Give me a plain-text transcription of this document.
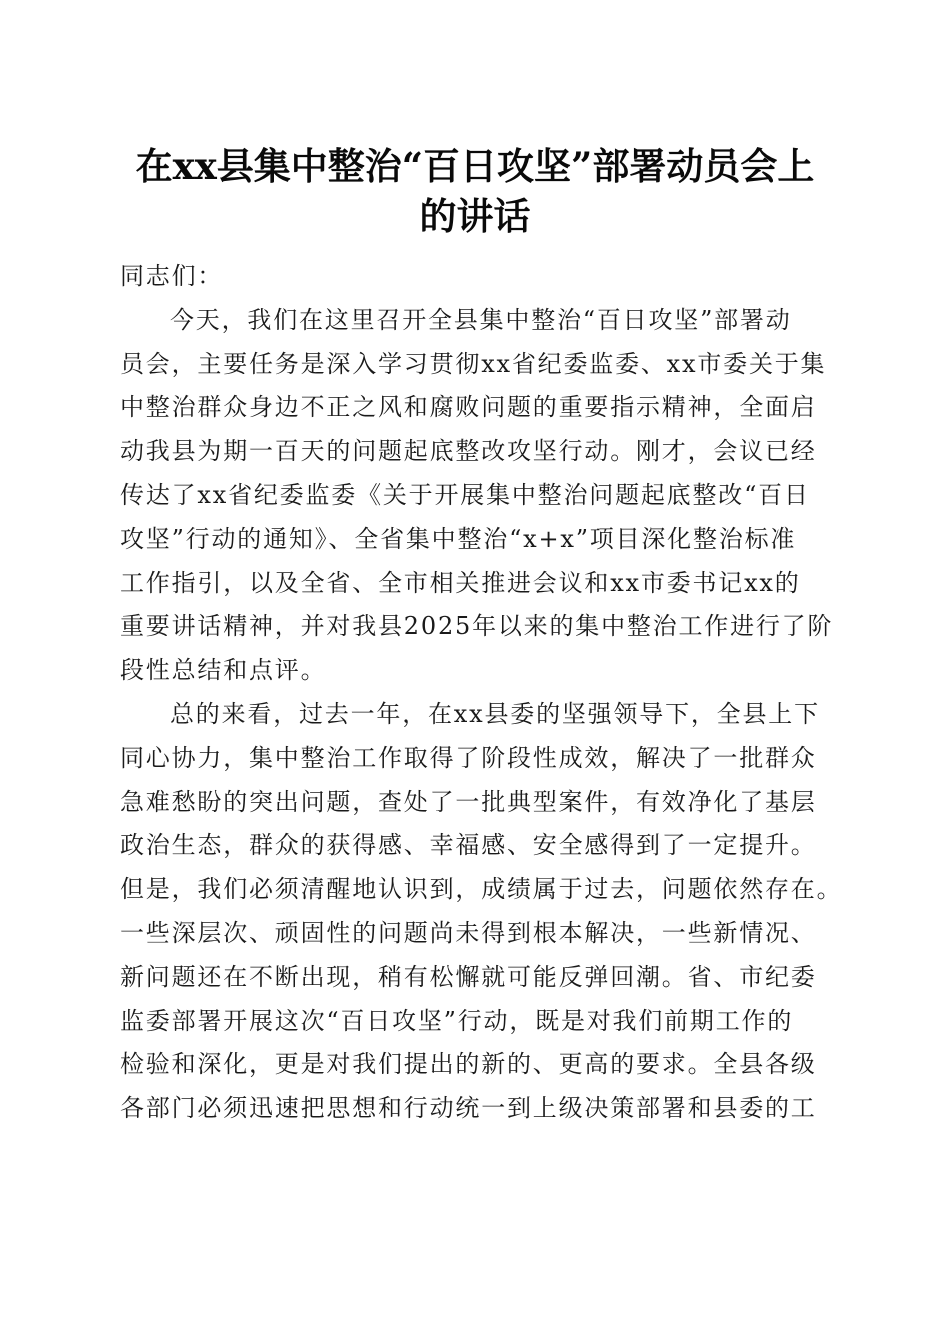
在xx县集中整治“百日攻坚”部署动员会上
的讲话
同志们：
今天，我们在这里召开全县集中整治“百日攻坚”部署动
员会，主要任务是深入学习贯彻xx省纪委监委、xx市委关于集
中整治群众身边不正之风和腐败问题的重要指示精神，全面启
动我县为期一百天的问题起底整改攻坚行动。刚才，会议已经
传达了xx省纪委监委《关于开展集中整治问题起底整改“百日
攻坚”行动的通知》、全省集中整治“x+x”项目深化整治标准
工作指引，以及全省、全市相关推进会议和xx市委书记xx的
重要讲话精神，并对我县2025年以来的集中整治工作进行了阶
段性总结和点评。
总的来看，过去一年，在xx县委的坚强领导下，全县上下
同心协力，集中整治工作取得了阶段性成效，解决了一批群众
急难愁盼的突出问题，查处了一批典型案件，有效净化了基层
政治生态，群众的获得感、幸福感、安全感得到了一定提升。
但是，我们必须清醒地认识到，成绩属于过去，问题依然存在。
一些深层次、顽固性的问题尚未得到根本解决，一些新情况、
新问题还在不断出现，稍有松懈就可能反弹回潮。省、市纪委
监委部署开展这次“百日攻坚”行动，既是对我们前期工作的
检验和深化，更是对我们提出的新的、更高的要求。全县各级
各部门必须迅速把思想和行动统一到上级决策部署和县委的工
